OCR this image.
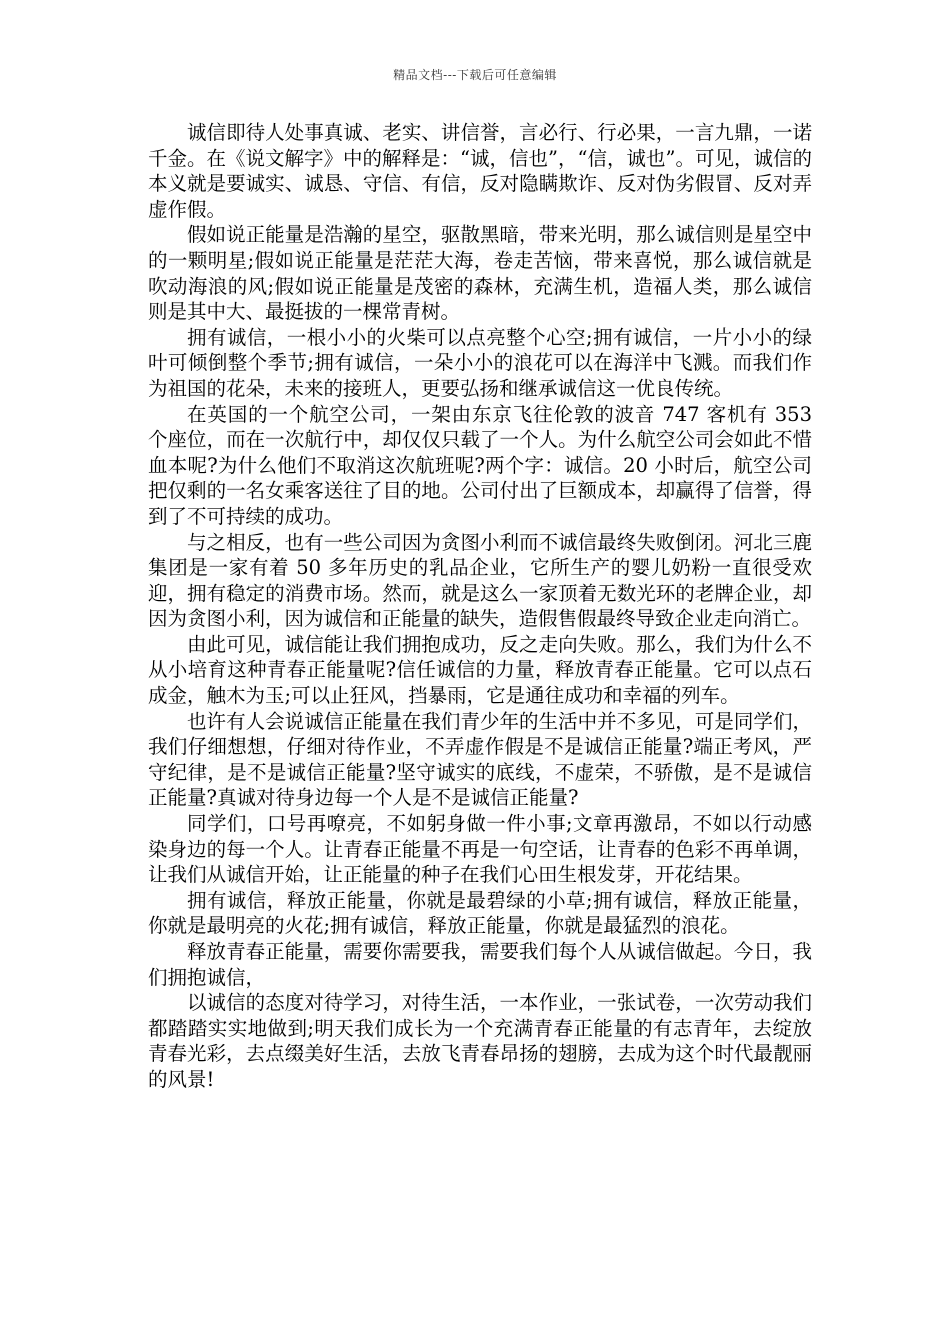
精品文档---下载后可任意编辑

诚信即待人处事真诚、老实、讲信誉，言必行、行必果，一言九鼎，一诺千金。在《说文解字》中的解释是：“诚，信也”，“信，诚也”。可见，诚信的本义就是要诚实、诚恳、守信、有信，反对隐瞒欺诈、反对伪劣假冒、反对弄虚作假。

假如说正能量是浩瀚的星空，驱散黑暗，带来光明，那么诚信则是星空中的一颗明星;假如说正能量是茫茫大海，卷走苦恼，带来喜悦，那么诚信就是吹动海浪的风;假如说正能量是茂密的森林，充满生机，造福人类，那么诚信则是其中大、最挺拔的一棵常青树。

拥有诚信，一根小小的火柴可以点亮整个心空;拥有诚信，一片小小的绿叶可倾倒整个季节;拥有诚信，一朵小小的浪花可以在海洋中飞溅。而我们作为祖国的花朵，未来的接班人，更要弘扬和继承诚信这一优良传统。

在英国的一个航空公司，一架由东京飞往伦敦的波音 747 客机有 353 个座位，而在一次航行中，却仅仅只载了一个人。为什么航空公司会如此不惜血本呢?为什么他们不取消这次航班呢?两个字：诚信。20 小时后，航空公司把仅剩的一名女乘客送往了目的地。公司付出了巨额成本，却赢得了信誉，得到了不可持续的成功。

与之相反，也有一些公司因为贪图小利而不诚信最终失败倒闭。河北三鹿集团是一家有着 50 多年历史的乳品企业，它所生产的婴儿奶粉一直很受欢迎，拥有稳定的消费市场。然而，就是这么一家顶着无数光环的老牌企业，却因为贪图小利，因为诚信和正能量的缺失，造假售假最终导致企业走向消亡。

由此可见，诚信能让我们拥抱成功，反之走向失败。那么，我们为什么不从小培育这种青春正能量呢?信任诚信的力量，释放青春正能量。它可以点石成金，触木为玉;可以止狂风，挡暴雨，它是通往成功和幸福的列车。

也许有人会说诚信正能量在我们青少年的生活中并不多见，可是同学们，我们仔细想想，仔细对待作业，不弄虚作假是不是诚信正能量?端正考风，严守纪律，是不是诚信正能量?坚守诚实的底线，不虚荣，不骄傲，是不是诚信正能量?真诚对待身边每一个人是不是诚信正能量?

同学们，口号再嘹亮，不如躬身做一件小事;文章再激昂，不如以行动感染身边的每一个人。让青春正能量不再是一句空话，让青春的色彩不再单调，让我们从诚信开始，让正能量的种子在我们心田生根发芽，开花结果。

拥有诚信，释放正能量，你就是最碧绿的小草;拥有诚信，释放正能量，你就是最明亮的火花;拥有诚信，释放正能量，你就是最猛烈的浪花。

释放青春正能量，需要你需要我，需要我们每个人从诚信做起。今日，我们拥抱诚信，

以诚信的态度对待学习，对待生活，一本作业，一张试卷，一次劳动我们都踏踏实实地做到;明天我们成长为一个充满青春正能量的有志青年，去绽放青春光彩，去点缀美好生活，去放飞青春昂扬的翅膀，去成为这个时代最靓丽的风景!
